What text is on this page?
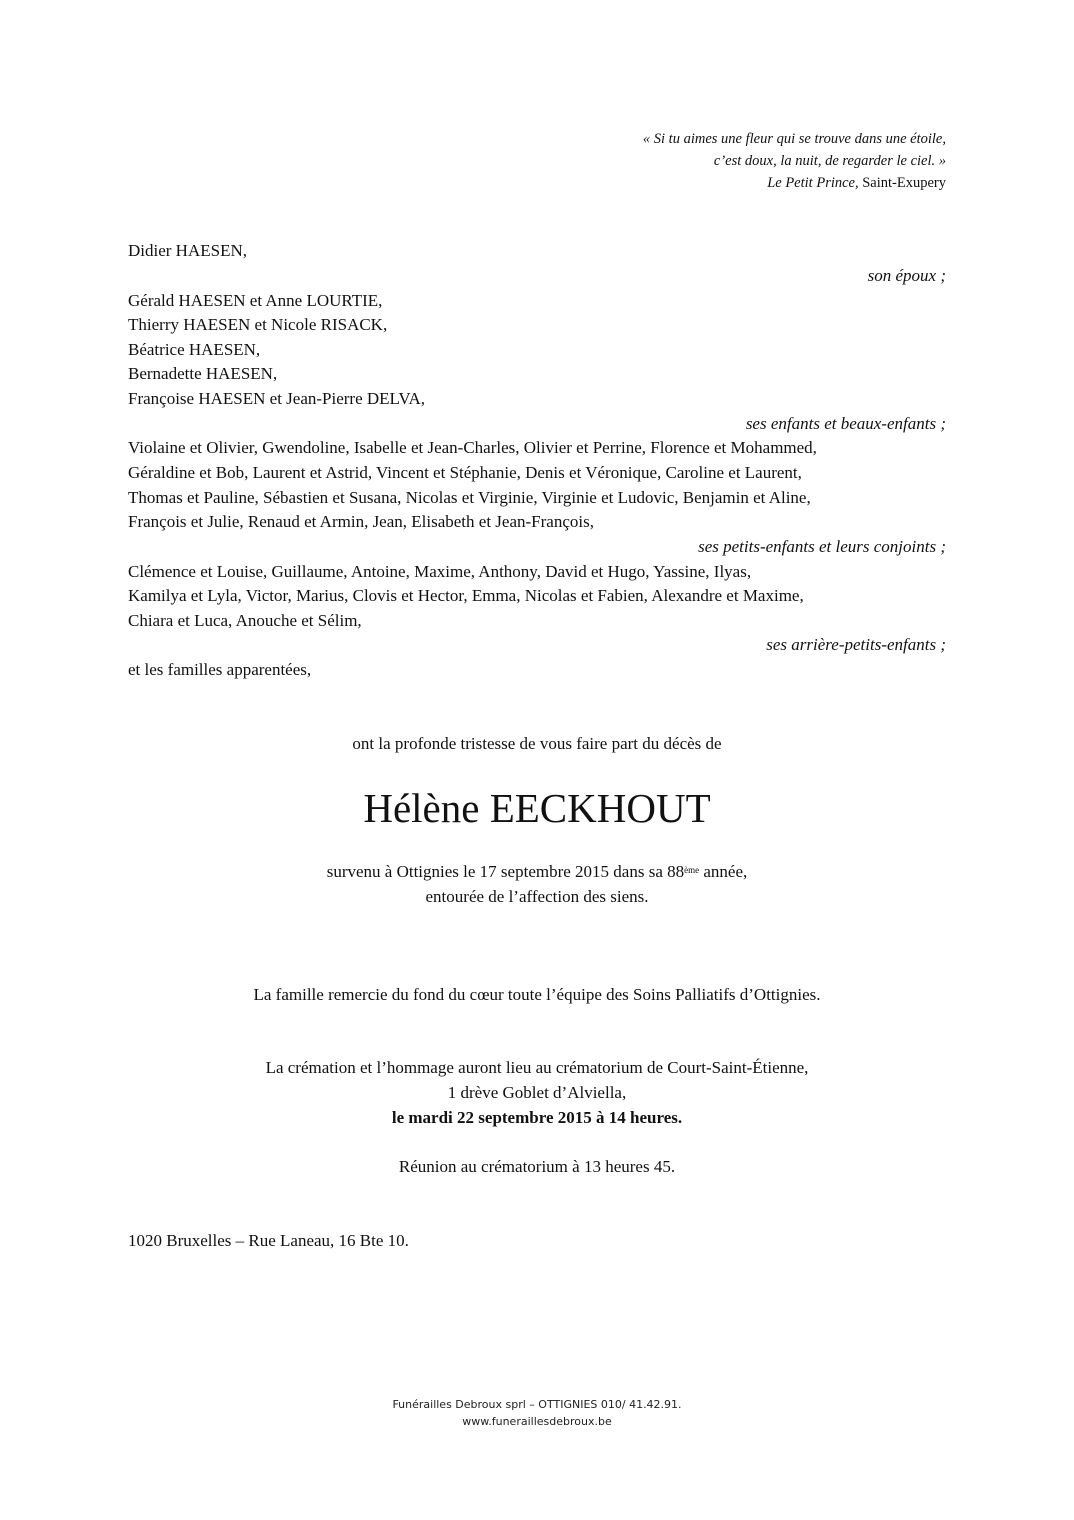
« Si tu aimes une fleur qui se trouve dans une étoile,
c’est doux, la nuit, de regarder le ciel. »
Le Petit Prince, Saint-Exupery
Didier HAESEN,
son époux ;
Gérald HAESEN et Anne LOURTIE,
Thierry HAESEN et Nicole RISACK,
Béatrice HAESEN,
Bernadette HAESEN,
Françoise HAESEN et Jean-Pierre DELVA,
ses enfants et beaux-enfants ;
Violaine et Olivier, Gwendoline, Isabelle et Jean-Charles, Olivier et Perrine, Florence et Mohammed,
Géraldine et Bob, Laurent et Astrid, Vincent et Stéphanie, Denis et Véronique, Caroline et Laurent,
Thomas et Pauline, Sébastien et Susana, Nicolas et Virginie, Virginie et Ludovic, Benjamin et Aline,
François et Julie, Renaud et Armin, Jean, Elisabeth et Jean-François,
ses petits-enfants et leurs conjoints ;
Clémence et Louise, Guillaume, Antoine, Maxime, Anthony, David et Hugo, Yassine, Ilyas,
Kamilya et Lyla, Victor, Marius, Clovis et Hector, Emma, Nicolas et Fabien, Alexandre et Maxime,
Chiara et Luca, Anouche et Sélim,
ses arrière-petits-enfants ;
et les familles apparentées,
ont la profonde tristesse de vous faire part du décès de
Hélène EECKHOUT
survenu à Ottignies le 17 septembre 2015 dans sa 88ème année,
entourée de l’affection des siens.
La famille remercie du fond du cœur toute l’équipe des Soins Palliatifs d’Ottignies.
La crémation et l’hommage auront lieu au crématorium de Court-Saint-Étienne,
1 drève Goblet d’Alviella,
le mardi 22 septembre 2015 à 14 heures.
Réunion au crématorium à 13 heures 45.
1020 Bruxelles – Rue Laneau, 16 Bte 10.
Funérailles Debroux sprl – OTTIGNIES 010/ 41.42.91.
www.funeraillesdebroux.be
